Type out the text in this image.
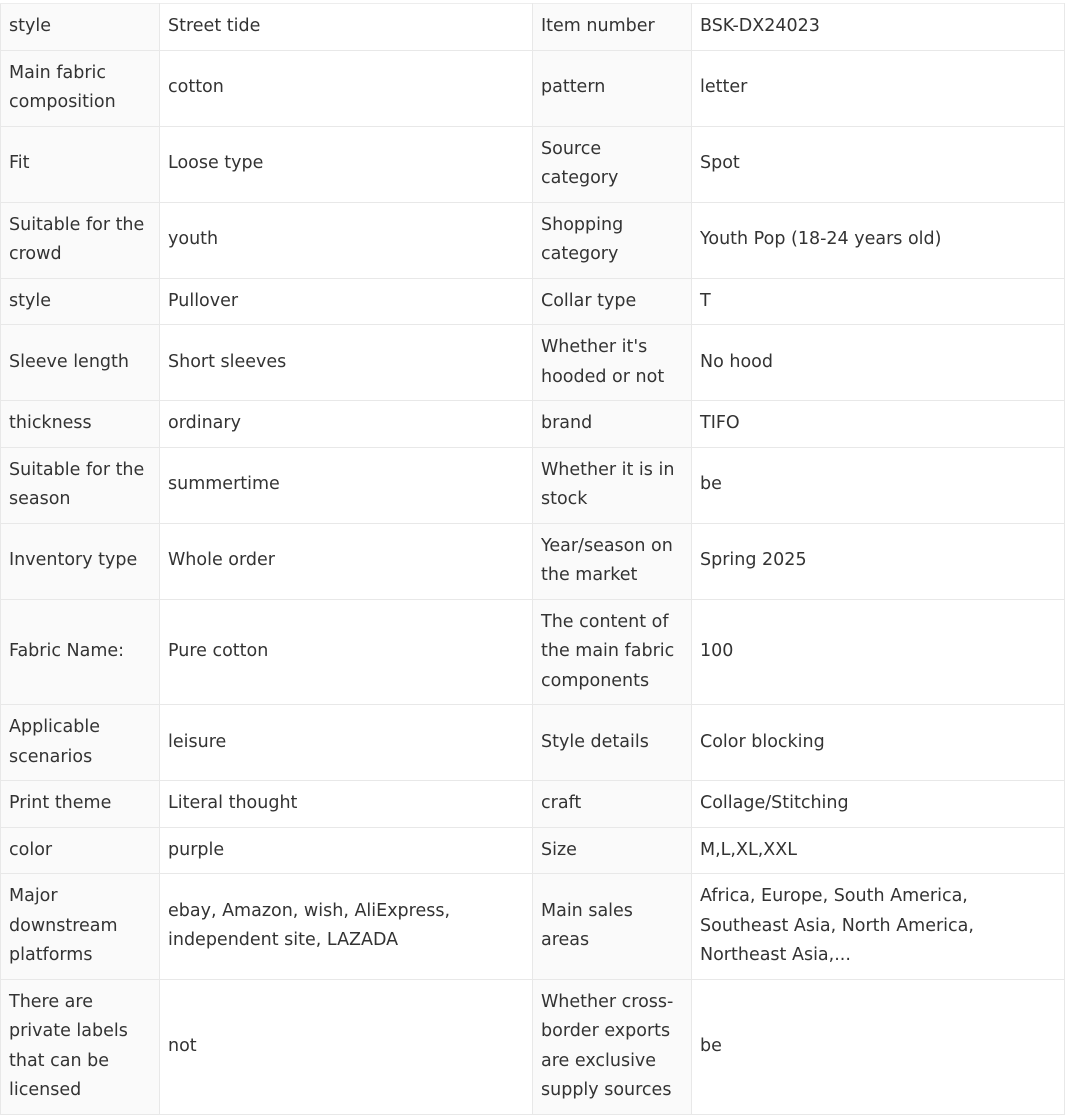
style	Street tide	Item number	BSK-DX24023
Main fabric composition	cotton	pattern	letter
Fit	Loose type	Source category	Spot
Suitable for the crowd	youth	Shopping category	Youth Pop (18-24 years old)
style	Pullover	Collar type	T
Sleeve length	Short sleeves	Whether it's hooded or not	No hood
thickness	ordinary	brand	TIFO
Suitable for the season	summertime	Whether it is in stock	be
Inventory type	Whole order	Year/season on the market	Spring 2025
Fabric Name:	Pure cotton	The content of the main fabric components	100
Applicable scenarios	leisure	Style details	Color blocking
Print theme	Literal thought	craft	Collage/Stitching
color	purple	Size	M,L,XL,XXL
Major downstream platforms	ebay, Amazon, wish, AliExpress, independent site, LAZADA	Main sales areas	Africa, Europe, South America, Southeast Asia, North America, Northeast Asia,...
There are private labels that can be licensed	not	Whether cross-border exports are exclusive supply sources	be
